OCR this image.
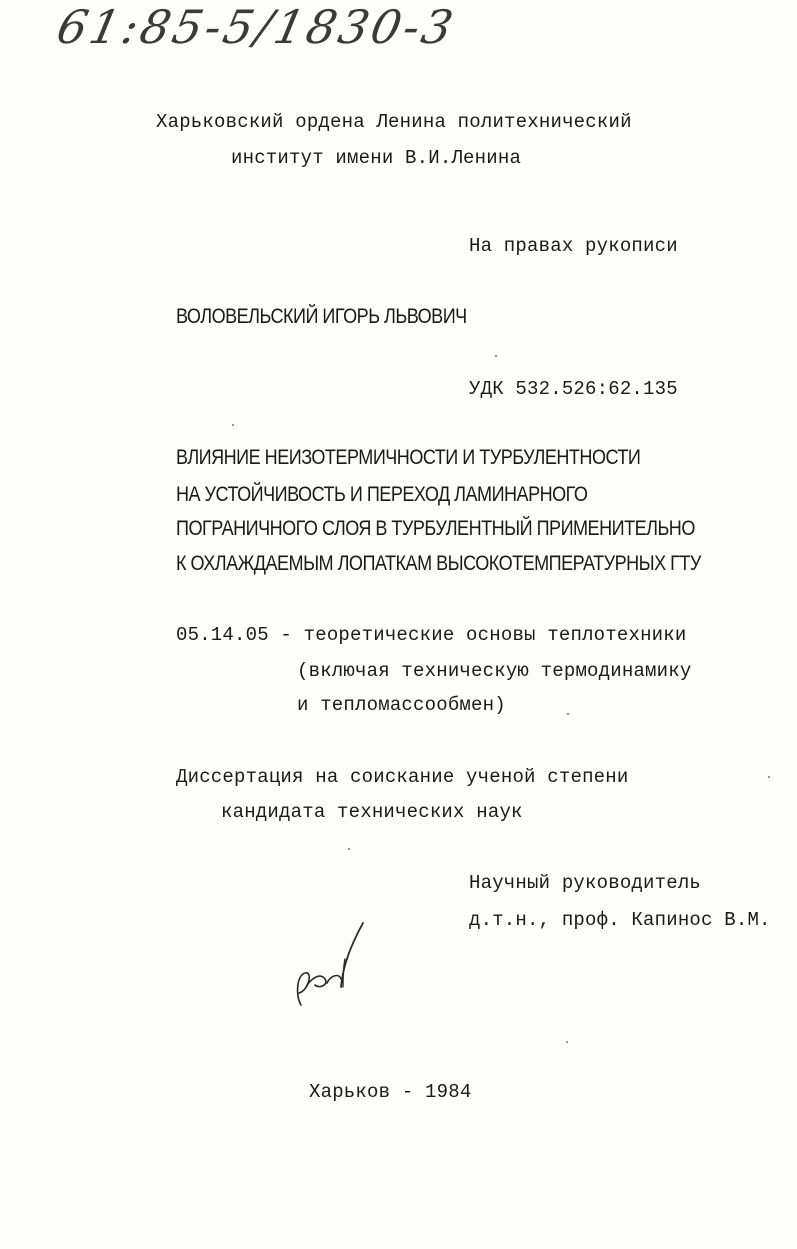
61:85-5/1830-3
Харьковский ордена Ленина политехнический
институт имени В.И.Ленина
На правах рукописи
ВОЛОВЕЛЬСКИЙ ИГОРЬ ЛЬВОВИЧ
УДК 532.526:62.135
ВЛИЯНИЕ НЕИЗОТЕРМИЧНОСТИ И ТУРБУЛЕНТНОСТИ
НА УСТОЙЧИВОСТЬ И ПЕРЕХОД ЛАМИНАРНОГО
ПОГРАНИЧНОГО СЛОЯ В ТУРБУЛЕНТНЫЙ ПРИМЕНИТЕЛЬНО
К ОХЛАЖДАЕМЫМ ЛОПАТКАМ ВЫСОКОТЕМПЕРАТУРНЫХ ГТУ
05.14.05 - теоретические основы теплотехники
(включая техническую термодинамику
и тепломассообмен)
Диссертация на соискание ученой степени
кандидата технических наук
Научный руководитель
д.т.н., проф. Капинос В.М.
Харьков - 1984
